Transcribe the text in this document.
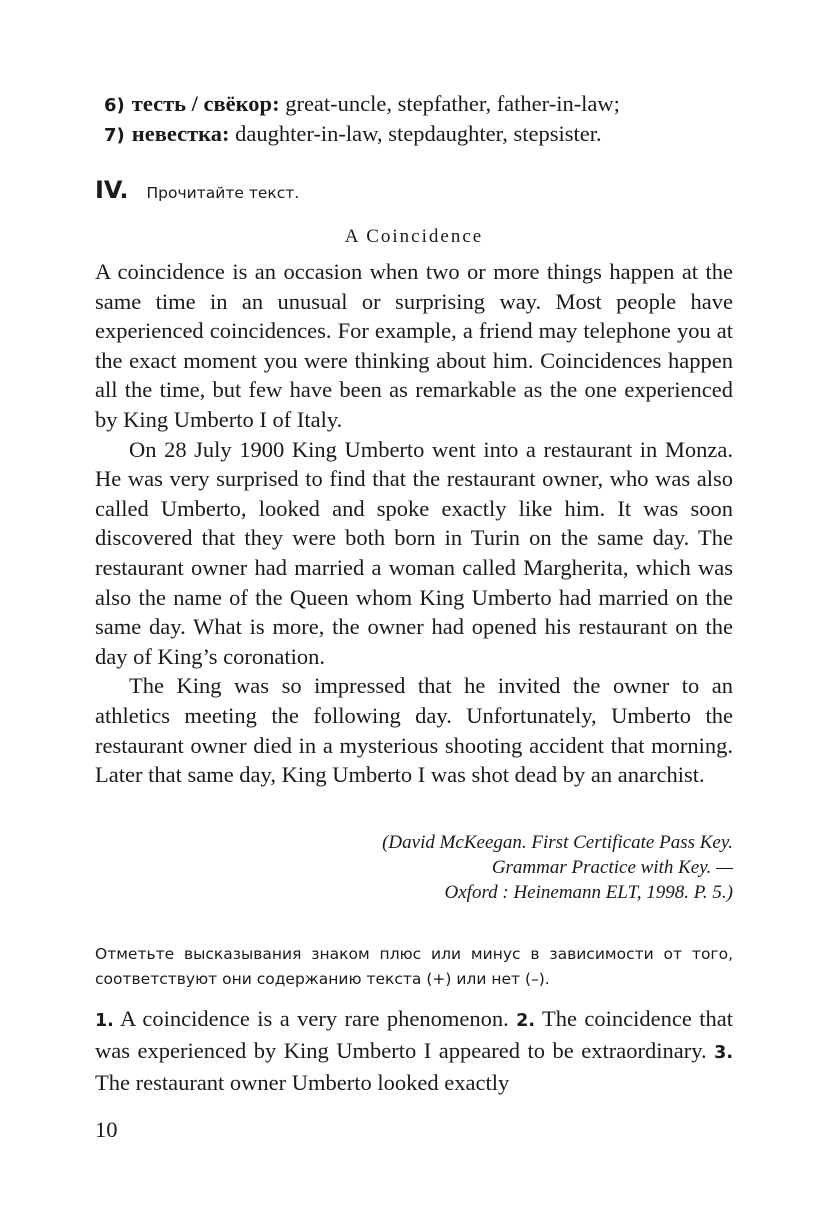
6) тесть / свёкор: great-uncle, stepfather, father-in-law;
7) невестка: daughter-in-law, stepdaughter, stepsister.
IV. Прочитайте текст.
A Coincidence

A coincidence is an occasion when two or more things happen at the same time in an unusual or surprising way. Most people have experienced coincidences. For example, a friend may telephone you at the exact moment you were thinking about him. Coincidences happen all the time, but few have been as remarkable as the one experienced by King Umberto I of Italy.

On 28 July 1900 King Umberto went into a restaurant in Monza. He was very surprised to find that the restaurant owner, who was also called Umberto, looked and spoke exactly like him. It was soon discovered that they were both born in Turin on the same day. The restaurant owner had married a woman called Margherita, which was also the name of the Queen whom King Umberto had married on the same day. What is more, the owner had opened his restaurant on the day of King’s coronation.

The King was so impressed that he invited the owner to an athletics meeting the following day. Unfortunately, Umberto the restaurant owner died in a mysterious shooting accident that morning. Later that same day, King Umberto I was shot dead by an anarchist.

(David McKeegan. First Certificate Pass Key.
Grammar Practice with Key. —
Oxford : Heinemann ELT, 1998. P. 5.)
Отметьте высказывания знаком плюс или минус в зависимости от того, соответствуют они содержанию текста (+) или нет (–).
1. A coincidence is a very rare phenomenon. 2. The coincidence that was experienced by King Umberto I appeared to be extraordinary. 3. The restaurant owner Umberto looked exactly
10
